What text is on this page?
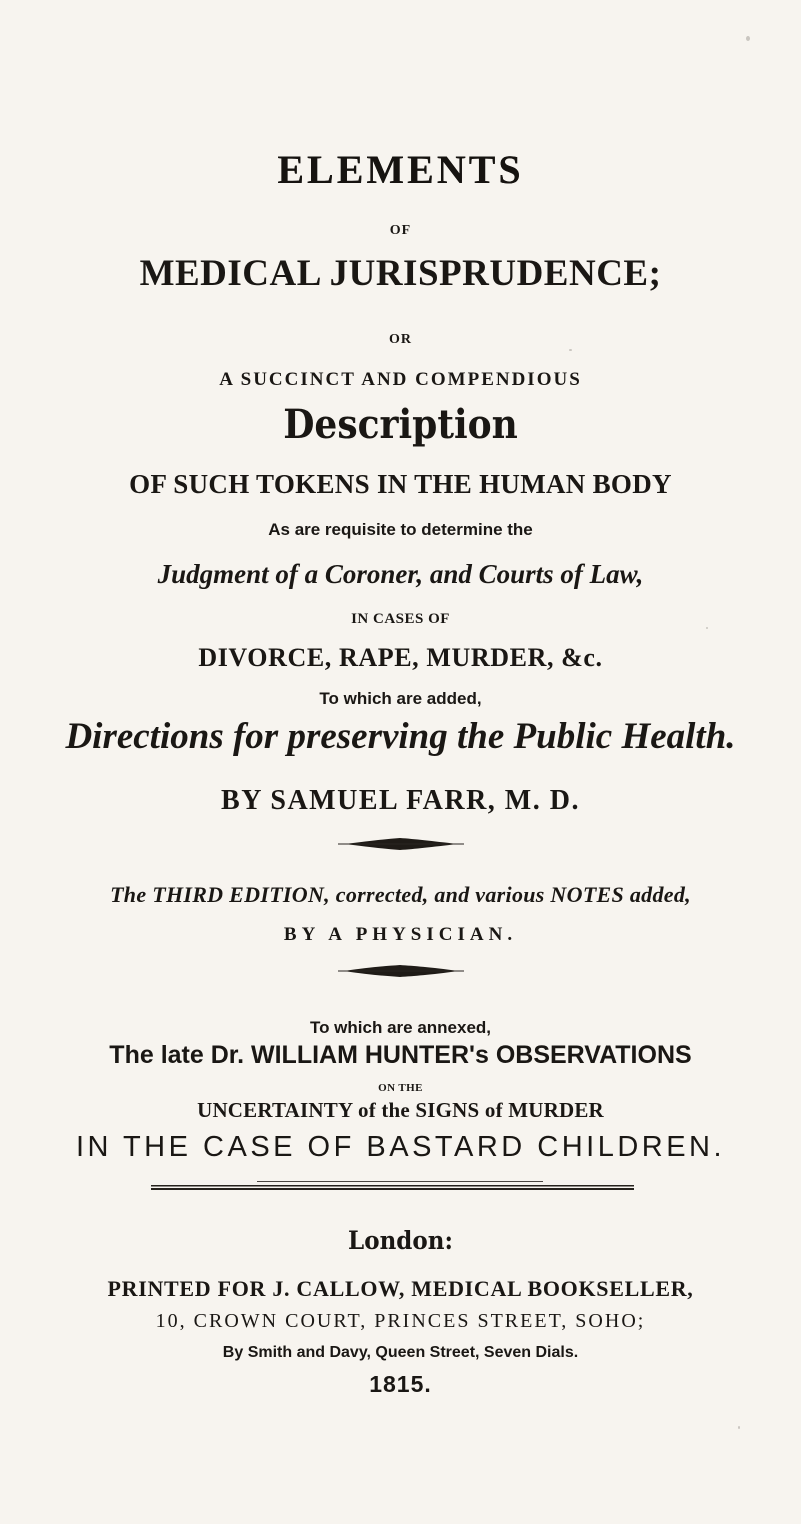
ELEMENTS
OF
MEDICAL JURISPRUDENCE;
OR
A SUCCINCT AND COMPENDIOUS
Description
OF SUCH TOKENS IN THE HUMAN BODY
As are requisite to determine the
Judgment of a Coroner, and Courts of Law,
IN CASES OF
DIVORCE, RAPE, MURDER, &c.
To which are added,
Directions for preserving the Public Health.
BY SAMUEL FARR, M. D.
The THIRD EDITION, corrected, and various NOTES added,
BY A PHYSICIAN.
To which are annexed,
The late Dr. WILLIAM HUNTER's OBSERVATIONS
ON THE
UNCERTAINTY of the SIGNS of MURDER
IN THE CASE OF BASTARD CHILDREN.
London:
PRINTED FOR J. CALLOW, MEDICAL BOOKSELLER,
10, CROWN COURT, PRINCES STREET, SOHO;
By Smith and Davy, Queen Street, Seven Dials.
1815.
